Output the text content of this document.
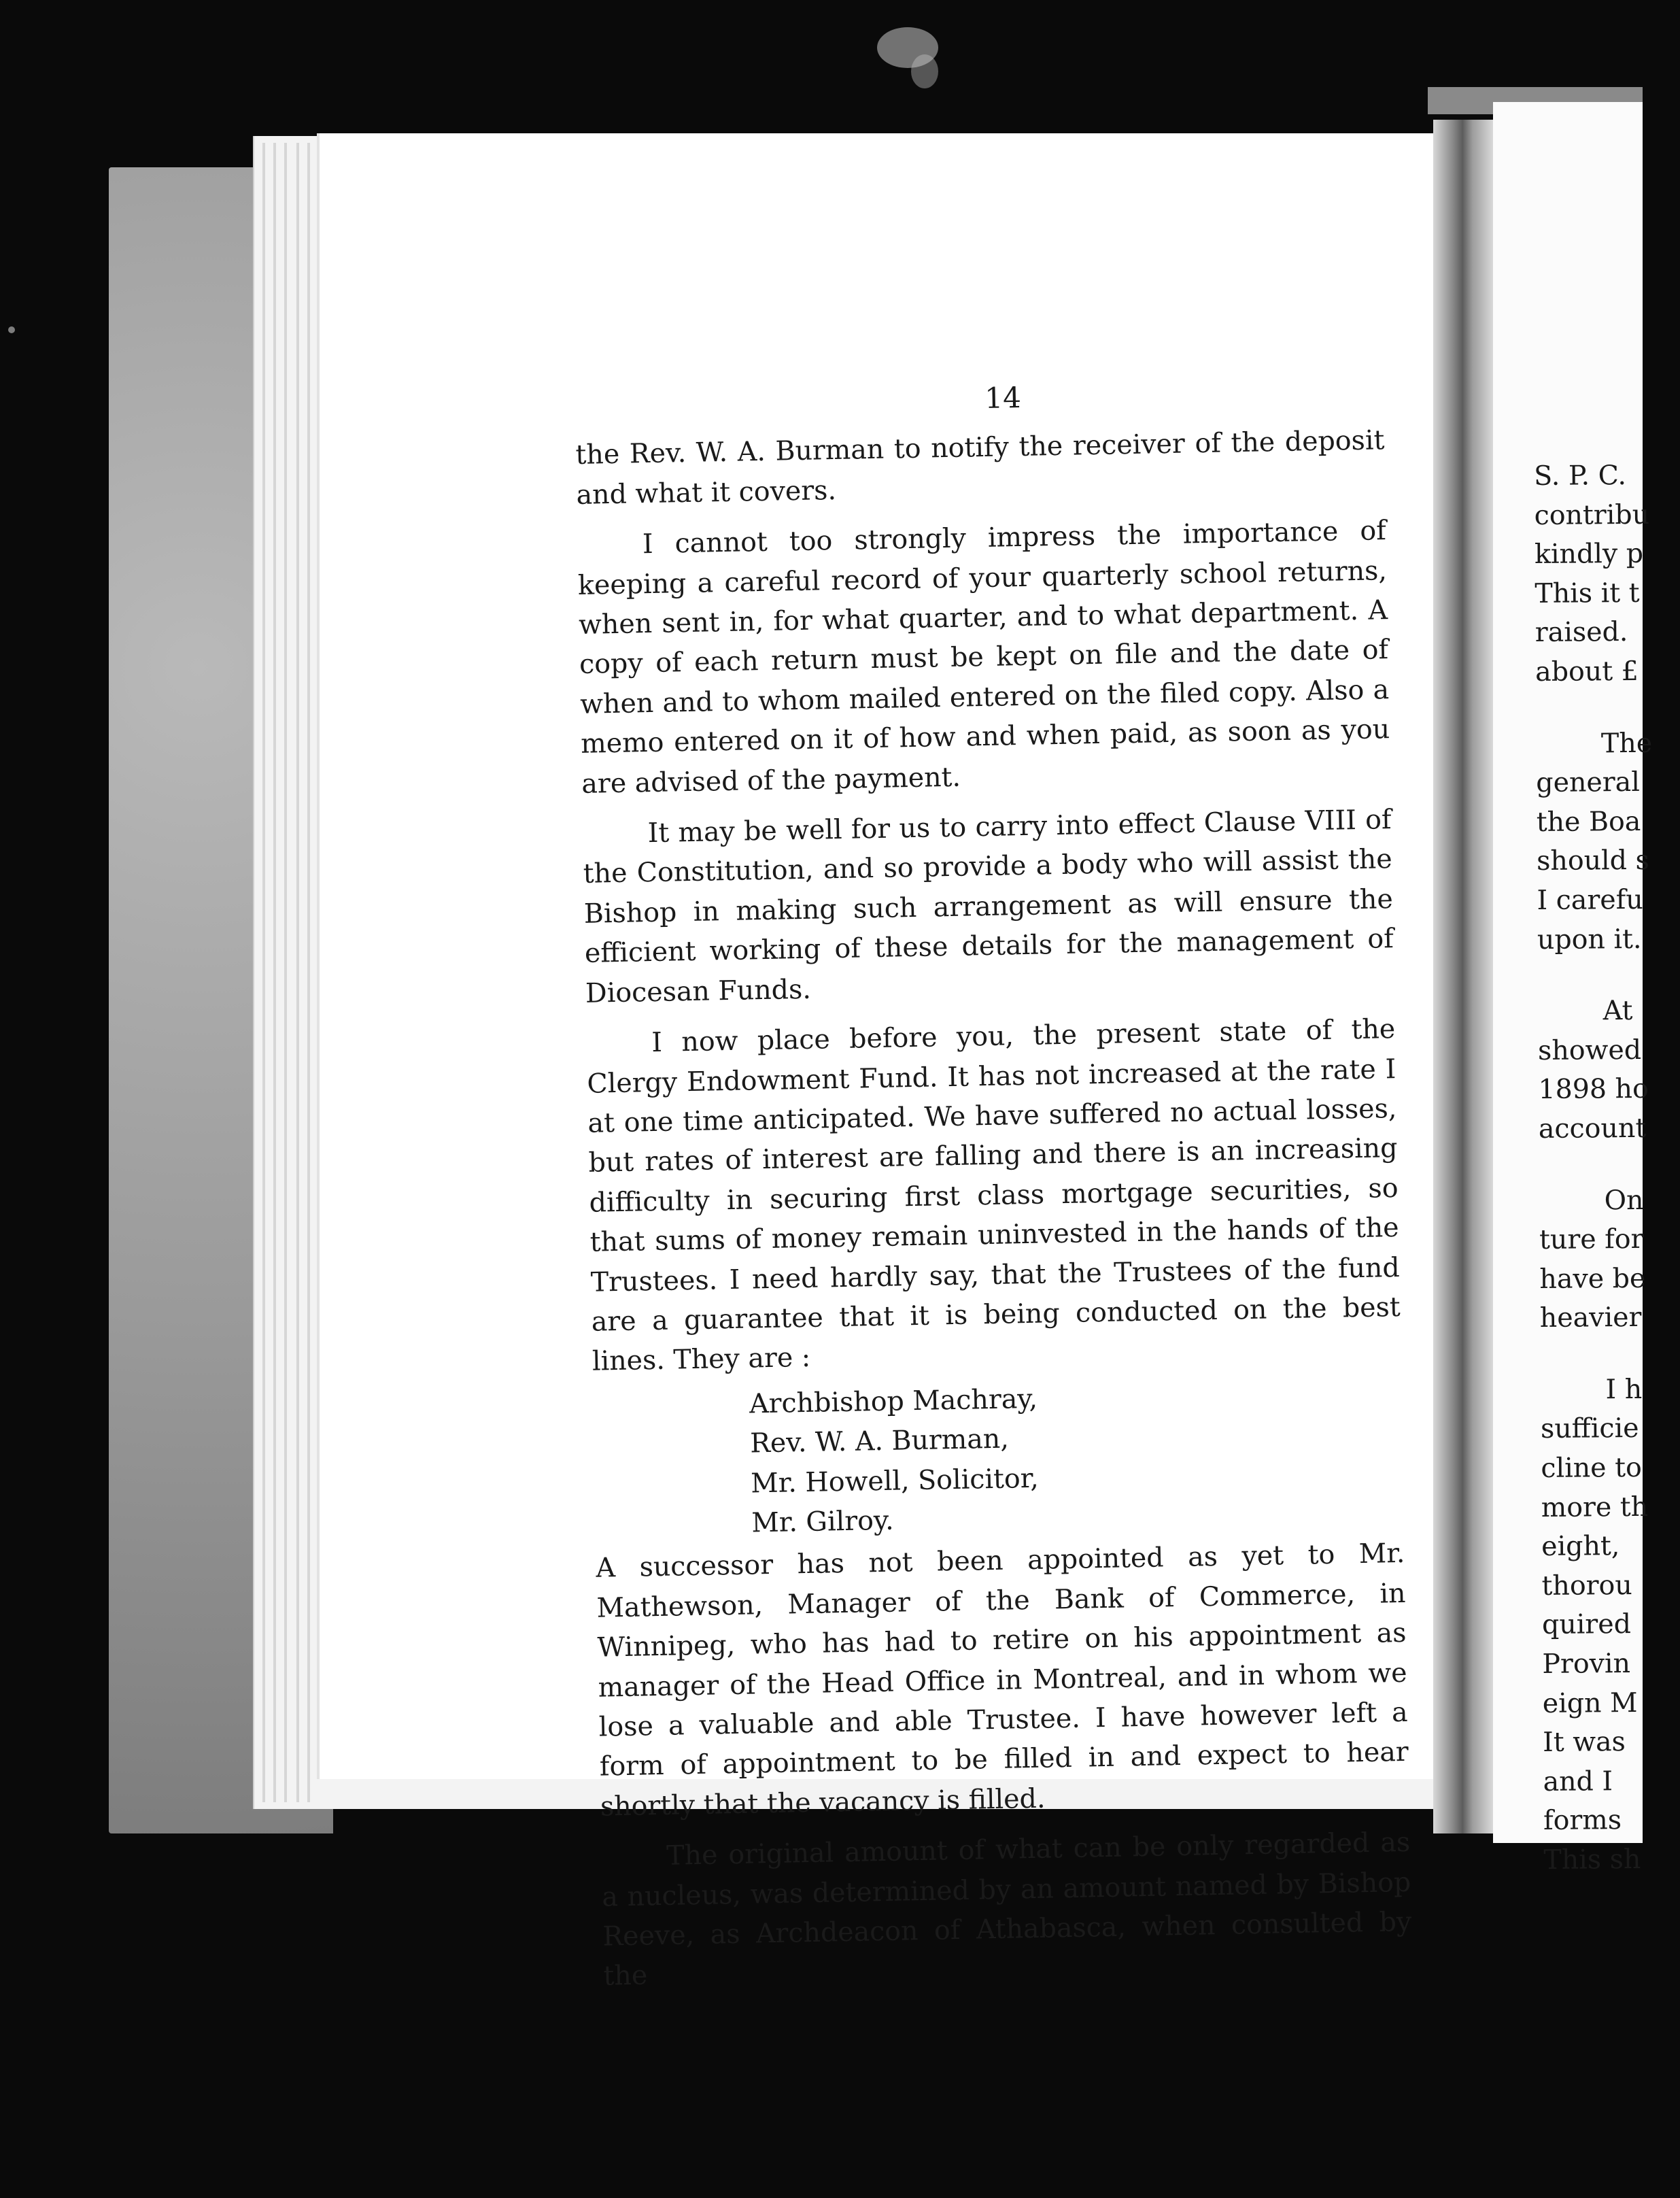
14

the Rev. W. A. Burman to notify the receiver of the deposit and what it covers.

I cannot too strongly impress the importance of keeping a careful record of your quarterly school returns, when sent in, for what quarter, and to what department. A copy of each return must be kept on file and the date of when and to whom mailed entered on the filed copy. Also a memo entered on it of how and when paid, as soon as you are advised of the payment.

It may be well for us to carry into effect Clause VIII of the Constitution, and so provide a body who will assist the Bishop in making such arrangement as will ensure the efficient working of these details for the management of Diocesan Funds.

I now place before you, the present state of the Clergy Endowment Fund. It has not increased at the rate I at one time anticipated. We have suffered no actual losses, but rates of interest are falling and there is an increasing difficulty in securing first class mortgage securities, so that sums of money remain uninvested in the hands of the Trustees. I need hardly say, that the Trustees of the fund are a guarantee that it is being conducted on the best lines. They are :

Archbishop Machray,
Rev. W. A. Burman,
Mr. Howell, Solicitor,
Mr. Gilroy.

A successor has not been appointed as yet to Mr. Mathewson, Manager of the Bank of Commerce, in Winnipeg, who has had to retire on his appointment as manager of the Head Office in Montreal, and in whom we lose a valuable and able Trustee. I have however left a form of appointment to be filled in and expect to hear shortly that the vacancy is filled.

The original amount of what can be only regarded as a nucleus, was determined by an amount named by Bishop Reeve, as Archdeacon of Athabasca, when consulted by the

S. P. C.
contribu
kindly p
This it t
raised.
about £
The
general
the Boa
should s
I carefu
upon it.
At
showed
1898 ho
account
On
ture for
have be
heavier
I h
sufficie
cline to
more th
eight,
thorou
quired
Provin
eign M
It was
and I
forms
This sh
